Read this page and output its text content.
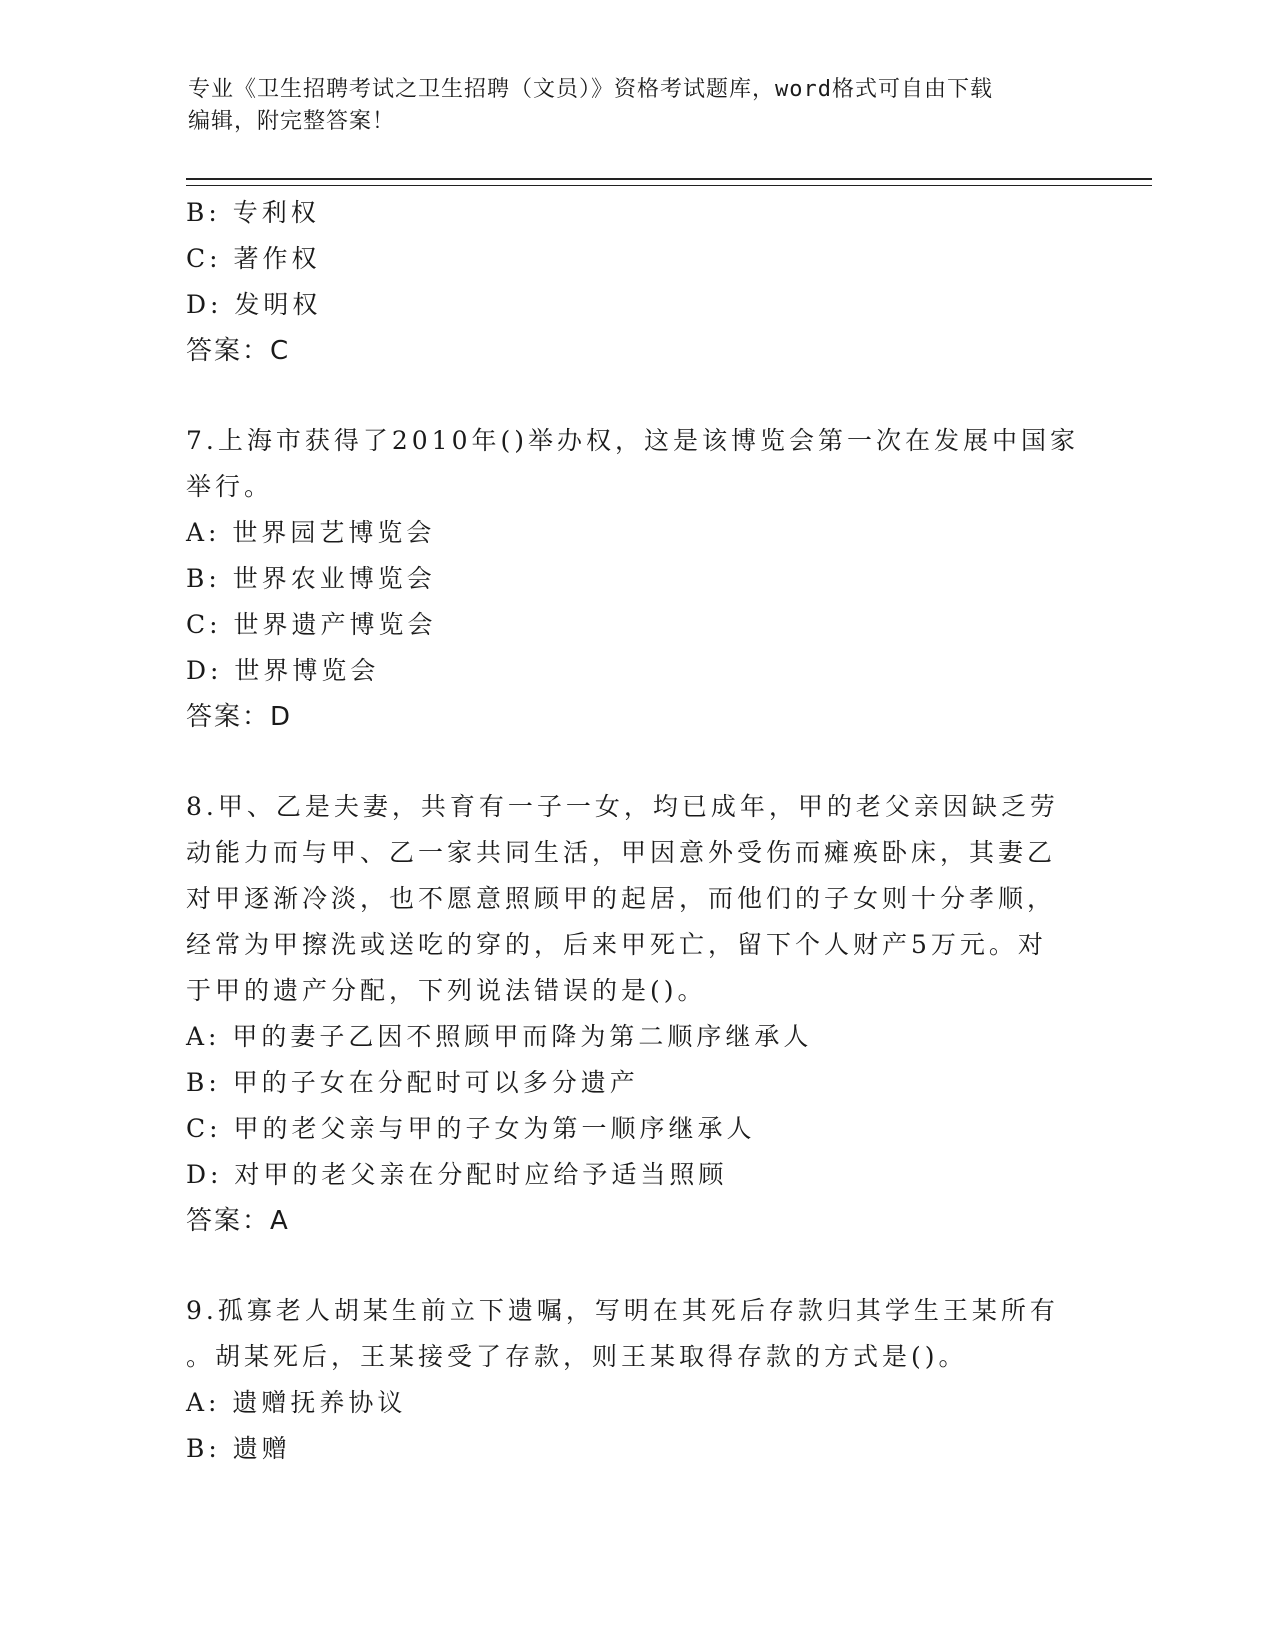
专业《卫生招聘考试之卫生招聘（文员）》资格考试题库，word格式可自由下载
编辑，附完整答案！
B: 专利权
C: 著作权
D: 发明权
答案：C
7.上海市获得了2010年()举办权，这是该博览会第一次在发展中国家
举行。
A: 世界园艺博览会
B: 世界农业博览会
C: 世界遗产博览会
D: 世界博览会
答案：D
8.甲、乙是夫妻，共育有一子一女，均已成年，甲的老父亲因缺乏劳
动能力而与甲、乙一家共同生活，甲因意外受伤而瘫痪卧床，其妻乙
对甲逐渐冷淡，也不愿意照顾甲的起居，而他们的子女则十分孝顺，
经常为甲擦洗或送吃的穿的，后来甲死亡，留下个人财产5万元。对
于甲的遗产分配，下列说法错误的是()。
A: 甲的妻子乙因不照顾甲而降为第二顺序继承人
B: 甲的子女在分配时可以多分遗产
C: 甲的老父亲与甲的子女为第一顺序继承人
D: 对甲的老父亲在分配时应给予适当照顾
答案：A
9.孤寡老人胡某生前立下遗嘱，写明在其死后存款归其学生王某所有
。胡某死后，王某接受了存款，则王某取得存款的方式是()。
A: 遗赠抚养协议
B: 遗赠
